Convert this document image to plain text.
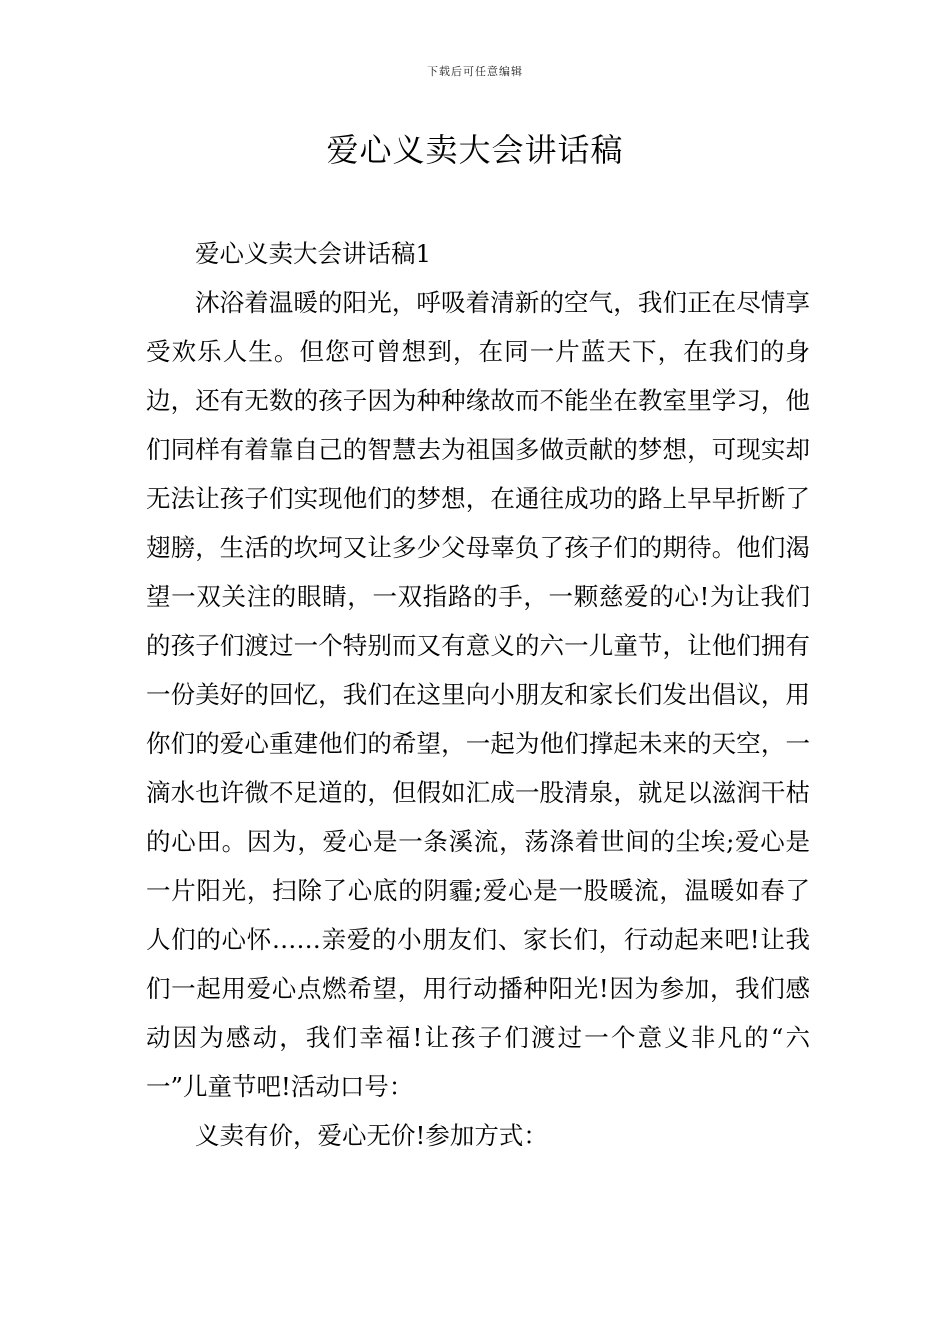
下载后可任意编辑
爱心义卖大会讲话稿

爱心义卖大会讲话稿1

沐浴着温暖的阳光，呼吸着清新的空气，我们正在尽情享受欢乐人生。但您可曾想到，在同一片蓝天下，在我们的身边，还有无数的孩子因为种种缘故而不能坐在教室里学习，他们同样有着靠自己的智慧去为祖国多做贡献的梦想，可现实却无法让孩子们实现他们的梦想，在通往成功的路上早早折断了翅膀，生活的坎坷又让多少父母辜负了孩子们的期待。他们渴望一双关注的眼睛，一双指路的手，一颗慈爱的心!为让我们的孩子们渡过一个特别而又有意义的六一儿童节，让他们拥有一份美好的回忆，我们在这里向小朋友和家长们发出倡议，用你们的爱心重建他们的希望，一起为他们撑起未来的天空，一滴水也许微不足道的，但假如汇成一股清泉，就足以滋润干枯的心田。因为，爱心是一条溪流，荡涤着世间的尘埃;爱心是一片阳光，扫除了心底的阴霾;爱心是一股暖流，温暖如春了人们的心怀……亲爱的小朋友们、家长们，行动起来吧!让我们一起用爱心点燃希望，用行动播种阳光!因为参加，我们感动因为感动，我们幸福!让孩子们渡过一个意义非凡的“六一”儿童节吧!活动口号：

义卖有价，爱心无价!参加方式：
